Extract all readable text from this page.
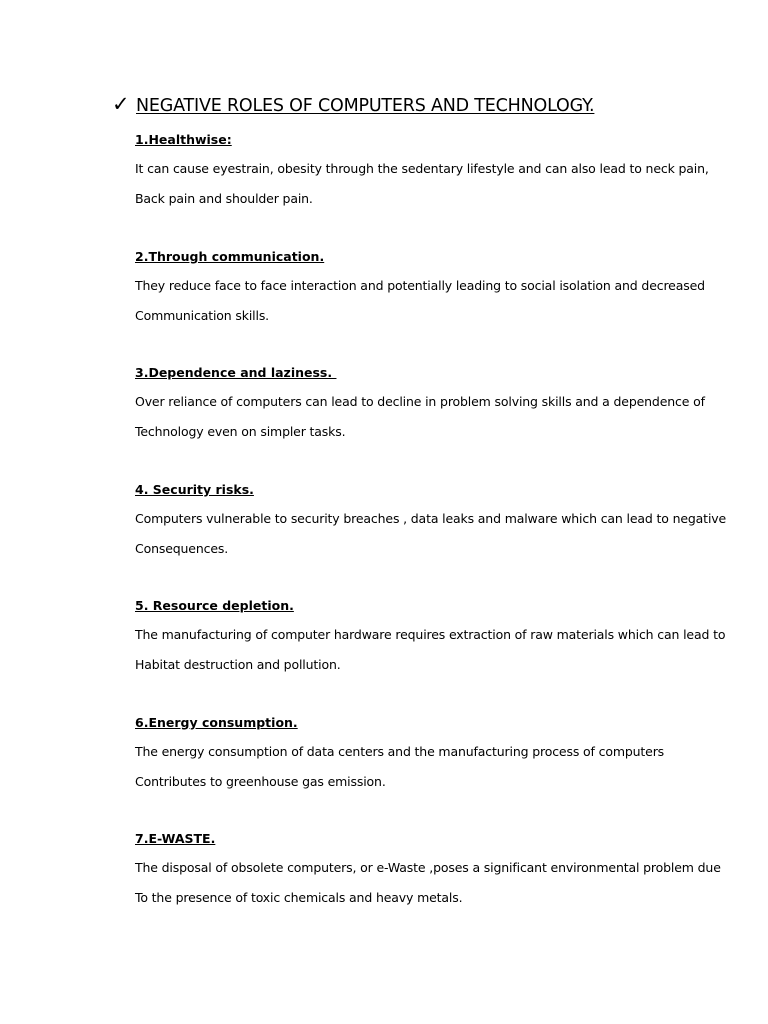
✓ NEGATIVE ROLES OF COMPUTERS AND TECHNOLOGY.
1.Healthwise:
It can cause eyestrain, obesity through the sedentary lifestyle and can also lead to neck pain,
Back pain and shoulder pain.
2.Through communication.
They reduce face to face interaction and potentially leading to social isolation and decreased
Communication skills.
3.Dependence and laziness.
Over reliance of computers can lead to decline in problem solving skills and a dependence of
Technology even on simpler tasks.
4. Security risks.
Computers vulnerable to security breaches , data leaks and malware which can lead to negative
Consequences.
5. Resource depletion.
The manufacturing of computer hardware requires extraction of raw materials which can lead to
Habitat destruction and pollution.
6.Energy consumption.
The energy consumption of data centers and the manufacturing process of computers
Contributes to greenhouse gas emission.
7.E-WASTE.
The disposal of obsolete computers, or e-Waste ,poses a significant environmental problem due
To the presence of toxic chemicals and heavy metals.
